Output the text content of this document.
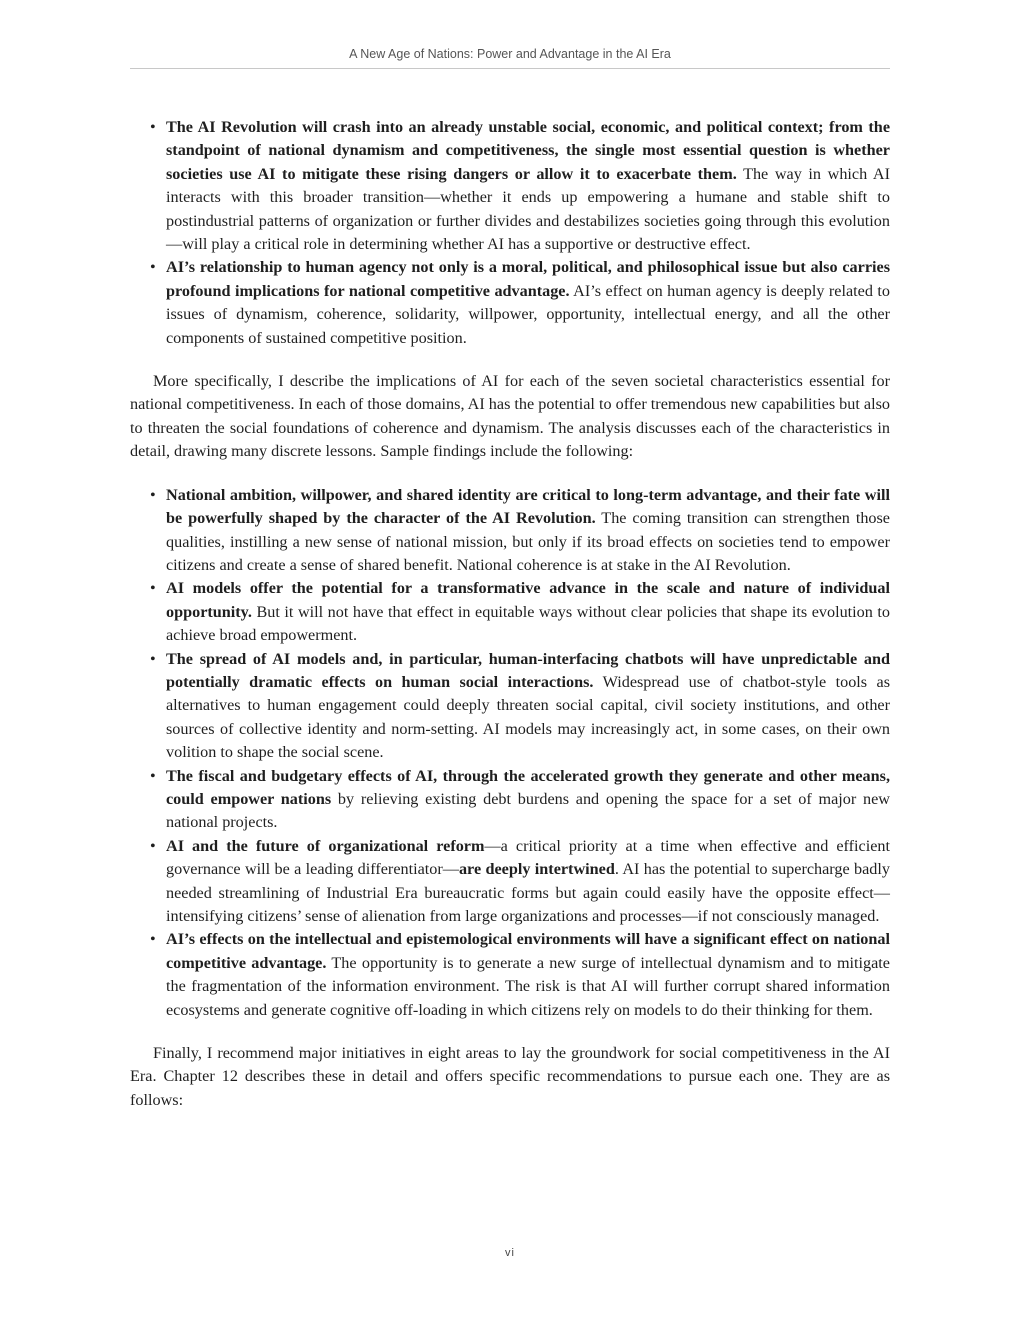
A New Age of Nations: Power and Advantage in the AI Era
• The AI Revolution will crash into an already unstable social, economic, and political context; from the standpoint of national dynamism and competitiveness, the single most essential question is whether societies use AI to mitigate these rising dangers or allow it to exacerbate them. The way in which AI interacts with this broader transition—whether it ends up empowering a humane and stable shift to postindustrial patterns of organization or further divides and destabilizes societies going through this evolution—will play a critical role in determining whether AI has a supportive or destructive effect.
• AI’s relationship to human agency not only is a moral, political, and philosophical issue but also carries profound implications for national competitive advantage. AI’s effect on human agency is deeply related to issues of dynamism, coherence, solidarity, willpower, opportunity, intellectual energy, and all the other components of sustained competitive position.

More specifically, I describe the implications of AI for each of the seven societal characteristics essential for national competitiveness. In each of those domains, AI has the potential to offer tremendous new capabilities but also to threaten the social foundations of coherence and dynamism. The analysis discusses each of the characteristics in detail, drawing many discrete lessons. Sample findings include the following:

• National ambition, willpower, and shared identity are critical to long-term advantage, and their fate will be powerfully shaped by the character of the AI Revolution. The coming transition can strengthen those qualities, instilling a new sense of national mission, but only if its broad effects on societies tend to empower citizens and create a sense of shared benefit. National coherence is at stake in the AI Revolution.
• AI models offer the potential for a transformative advance in the scale and nature of individual opportunity. But it will not have that effect in equitable ways without clear policies that shape its evolution to achieve broad empowerment.
• The spread of AI models and, in particular, human-interfacing chatbots will have unpredictable and potentially dramatic effects on human social interactions. Widespread use of chatbot-style tools as alternatives to human engagement could deeply threaten social capital, civil society institutions, and other sources of collective identity and norm-setting. AI models may increasingly act, in some cases, on their own volition to shape the social scene.
• The fiscal and budgetary effects of AI, through the accelerated growth they generate and other means, could empower nations by relieving existing debt burdens and opening the space for a set of major new national projects.
• AI and the future of organizational reform—a critical priority at a time when effective and efficient governance will be a leading differentiator—are deeply intertwined. AI has the potential to supercharge badly needed streamlining of Industrial Era bureaucratic forms but again could easily have the opposite effect—intensifying citizens’ sense of alienation from large organizations and processes—if not consciously managed.
• AI’s effects on the intellectual and epistemological environments will have a significant effect on national competitive advantage. The opportunity is to generate a new surge of intellectual dynamism and to mitigate the fragmentation of the information environment. The risk is that AI will further corrupt shared information ecosystems and generate cognitive off-loading in which citizens rely on models to do their thinking for them.

Finally, I recommend major initiatives in eight areas to lay the groundwork for social competitiveness in the AI Era. Chapter 12 describes these in detail and offers specific recommendations to pursue each one. They are as follows:

vi
